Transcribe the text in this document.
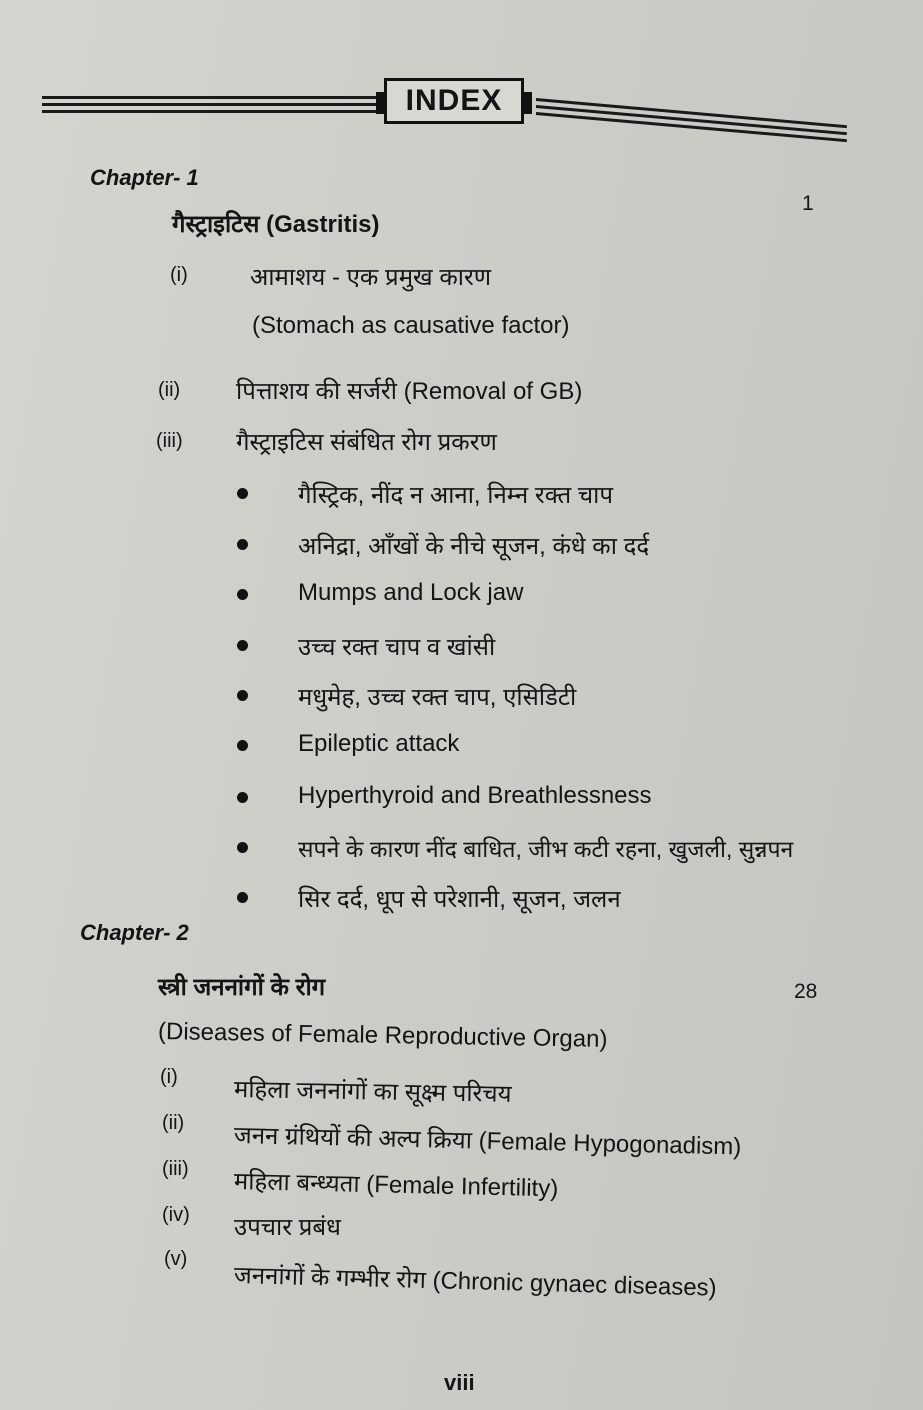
INDEX
Chapter- 1
1
गैस्ट्राइटिस (Gastritis)
(i)	आमाशय - एक प्रमुख कारण
(Stomach as causative factor)
(ii) पित्ताशय की सर्जरी (Removal of GB)
(iii) गैस्ट्राइटिस संबंधित रोग प्रकरण
गैस्ट्रिक, नींद न आना, निम्न रक्त चाप
अनिद्रा, आँखों के नीचे सूजन, कंधे का दर्द
Mumps and Lock jaw
उच्च रक्त चाप व खांसी
मधुमेह, उच्च रक्त चाप, एसिडिटी
Epileptic attack
Hyperthyroid and Breathlessness
सपने के कारण नींद बाधित, जीभ कटी रहना, खुजली, सुन्नपन
सिर दर्द, धूप से परेशानी, सूजन, जलन
Chapter- 2
स्त्री जननांगों के रोग	28
(Diseases of Female Reproductive Organ)
(i) महिला जननांगों का सूक्ष्म परिचय
(ii) जनन ग्रंथियों की अल्प क्रिया (Female Hypogonadism)
(iii) महिला बन्ध्यता (Female Infertility)
(iv) उपचार प्रबंध
(v)
जननांगों के गम्भीर रोग (Chronic gynaec diseases)
viii
